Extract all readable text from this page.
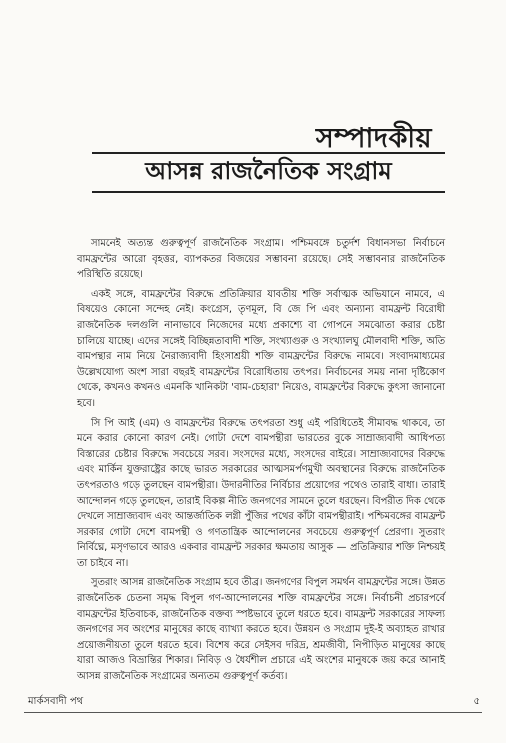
সম্পাদকীয়
আসন্ন রাজনৈতিক সংগ্রাম

সামনেই অত্যন্ত গুরুত্বপূর্ণ রাজনৈতিক সংগ্রাম। পশ্চিমবঙ্গে চতুর্দশ বিধানসভা নির্বাচনে বামফ্রন্টের আরো বৃহত্তর, ব্যাপকতর বিজয়ের সম্ভাবনা রয়েছে। সেই সম্ভাবনার রাজনৈতিক পরিস্থিতি রয়েছে।

একই সঙ্গে, বামফ্রন্টের বিরুদ্ধে প্রতিক্রিয়ার যাবতীয় শক্তি সর্বাত্মক অভিযানে নামবে, এ বিষয়েও কোনো সন্দেহ নেই। কংগ্রেস, তৃণমূল, বি জে পি এবং অন্যান্য বামফ্রন্ট বিরোধী রাজনৈতিক দলগুলি নানাভাবে নিজেদের মধ্যে প্রকাশ্যে বা গোপনে সমঝোতা করার চেষ্টা চালিয়ে যাচ্ছে। এদের সঙ্গেই বিচ্ছিন্নতাবাদী শক্তি, সংখ্যাগুরু ও সংখ্যালঘু মৌলবাদী শক্তি, অতি বামপন্থার নাম নিয়ে নৈরাজ্যবাদী হিংসাশ্রয়ী শক্তি বামফ্রন্টের বিরুদ্ধে নামবে। সংবাদমাধ্যমের উল্লেখযোগ্য অংশ সারা বছরই বামফ্রন্টের বিরোধিতায় তৎপর। নির্বাচনের সময় নানা দৃষ্টিকোণ থেকে, কখনও কখনও এমনকি খানিকটা 'বাম-চেহারা' নিয়েও, বামফ্রন্টের বিরুদ্ধে কুৎসা জানানো হবে।

সি পি আই (এম) ও বামফ্রন্টের বিরুদ্ধে তৎপরতা শুধু এই পরিধিতেই সীমাবদ্ধ থাকবে, তা মনে করার কোনো কারণ নেই। গোটা দেশে বামপন্থীরা ভারতের বুকে সাম্রাজ্যবাদী আধিপত্য বিস্তারের চেষ্টার বিরুদ্ধে সবচেয়ে সরব। সংসদের মধ্যে, সংসদের বাইরে। সাম্রাজ্যবাদের বিরুদ্ধে এবং মার্কিন যুক্তরাষ্ট্রের কাছে ভারত সরকারের আত্মসমর্পণমুখী অবস্থানের বিরুদ্ধে রাজনৈতিক তৎপরতাও গড়ে তুলছেন বামপন্থীরা। উদারনীতির নির্বিচার প্রয়োগের পথেও তারাই বাধা। তারাই আন্দোলন গড়ে তুলছেন, তারাই বিকল্প নীতি জনগণের সামনে তুলে ধরছেন। বিপরীত দিক থেকে দেখলে সাম্রাজ্যবাদ এবং আন্তর্জাতিক লগ্নী পুঁজির পথের কাঁটা বামপন্থীরাই। পশ্চিমবঙ্গের বামফ্রন্ট সরকার গোটা দেশে বামপন্থী ও গণতান্ত্রিক আন্দোলনের সবচেয়ে গুরুত্বপূর্ণ প্রেরণা। সুতরাং নির্বিঘ্নে, মসৃণভাবে আরও একবার বামফ্রন্ট সরকার ক্ষমতায় আসুক — প্রতিক্রিয়ার শক্তি নিশ্চয়ই তা চাইবে না।

সুতরাং আসন্ন রাজনৈতিক সংগ্রাম হবে তীব্র। জনগণের বিপুল সমর্থন বামফ্রন্টের সঙ্গে। উন্নত রাজনৈতিক চেতনা সমৃদ্ধ বিপুল গণ-আন্দোলনের শক্তি বামফ্রন্টের সঙ্গে। নির্বাচনী প্রচারপর্বে বামফ্রন্টের ইতিবাচক, রাজনৈতিক বক্তব্য স্পষ্টভাবে তুলে ধরতে হবে। বামফ্রন্ট সরকারের সাফল্য জনগণের সব অংশের মানুষের কাছে ব্যাখ্যা করতে হবে। উন্নয়ন ও সংগ্রাম দুই-ই অব্যাহত রাখার প্রয়োজনীয়তা তুলে ধরতে হবে। বিশেষ করে সেইসব দরিদ্র, শ্রমজীবী, নিপীড়িত মানুষের কাছে যারা আজও বিভ্রান্তির শিকার। নিবিড় ও ধৈর্যশীল প্রচারে এই অংশের মানুষকে জয় করে আনাই আসন্ন রাজনৈতিক সংগ্রামের অন্যতম গুরুত্বপূর্ণ কর্তব্য।

মার্কসবাদী পথ	৫
